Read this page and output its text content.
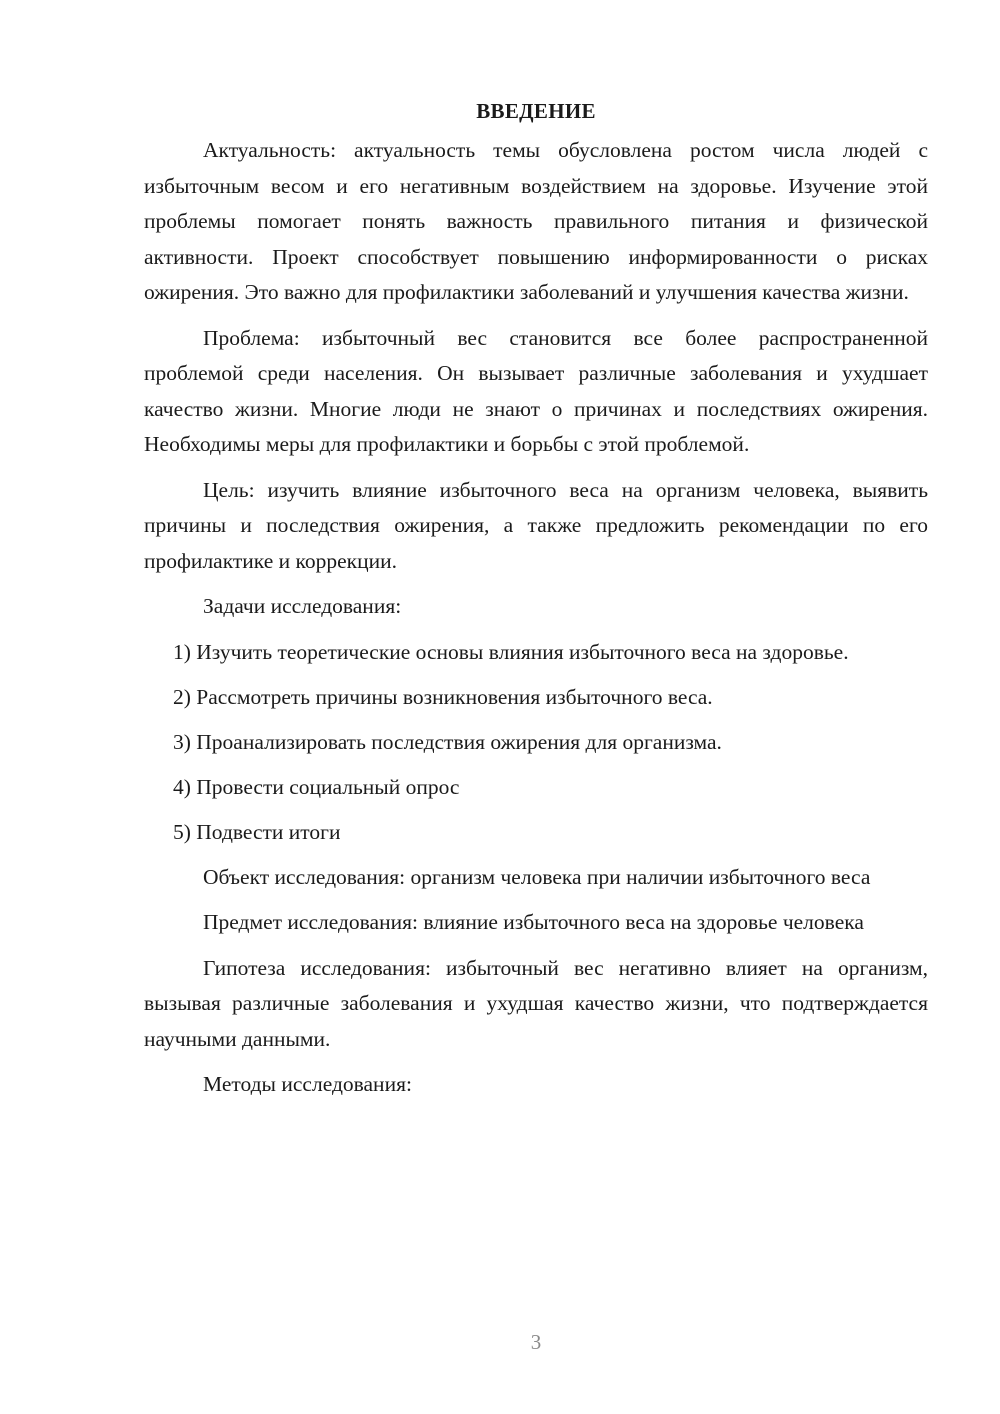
ВВЕДЕНИЕ

Актуальность: актуальность темы обусловлена ростом числа людей с избыточным весом и его негативным воздействием на здоровье. Изучение этой проблемы помогает понять важность правильного питания и физической активности. Проект способствует повышению информированности о рисках ожирения. Это важно для профилактики заболеваний и улучшения качества жизни.

Проблема: избыточный вес становится все более распространенной проблемой среди населения. Он вызывает различные заболевания и ухудшает качество жизни. Многие люди не знают о причинах и последствиях ожирения. Необходимы меры для профилактики и борьбы с этой проблемой.

Цель: изучить влияние избыточного веса на организм человека, выявить причины и последствия ожирения, а также предложить рекомендации по его профилактике и коррекции.

Задачи исследования:

1) Изучить теоретические основы влияния избыточного веса на здоровье.

2) Рассмотреть причины возникновения избыточного веса.

3) Проанализировать последствия ожирения для организма.

4) Провести социальный опрос

5) Подвести итоги

Объект исследования: организм человека при наличии избыточного веса

Предмет исследования: влияние избыточного веса на здоровье человека

Гипотеза исследования: избыточный вес негативно влияет на организм, вызывая различные заболевания и ухудшая качество жизни, что подтверждается научными данными.

Методы исследования:

3
